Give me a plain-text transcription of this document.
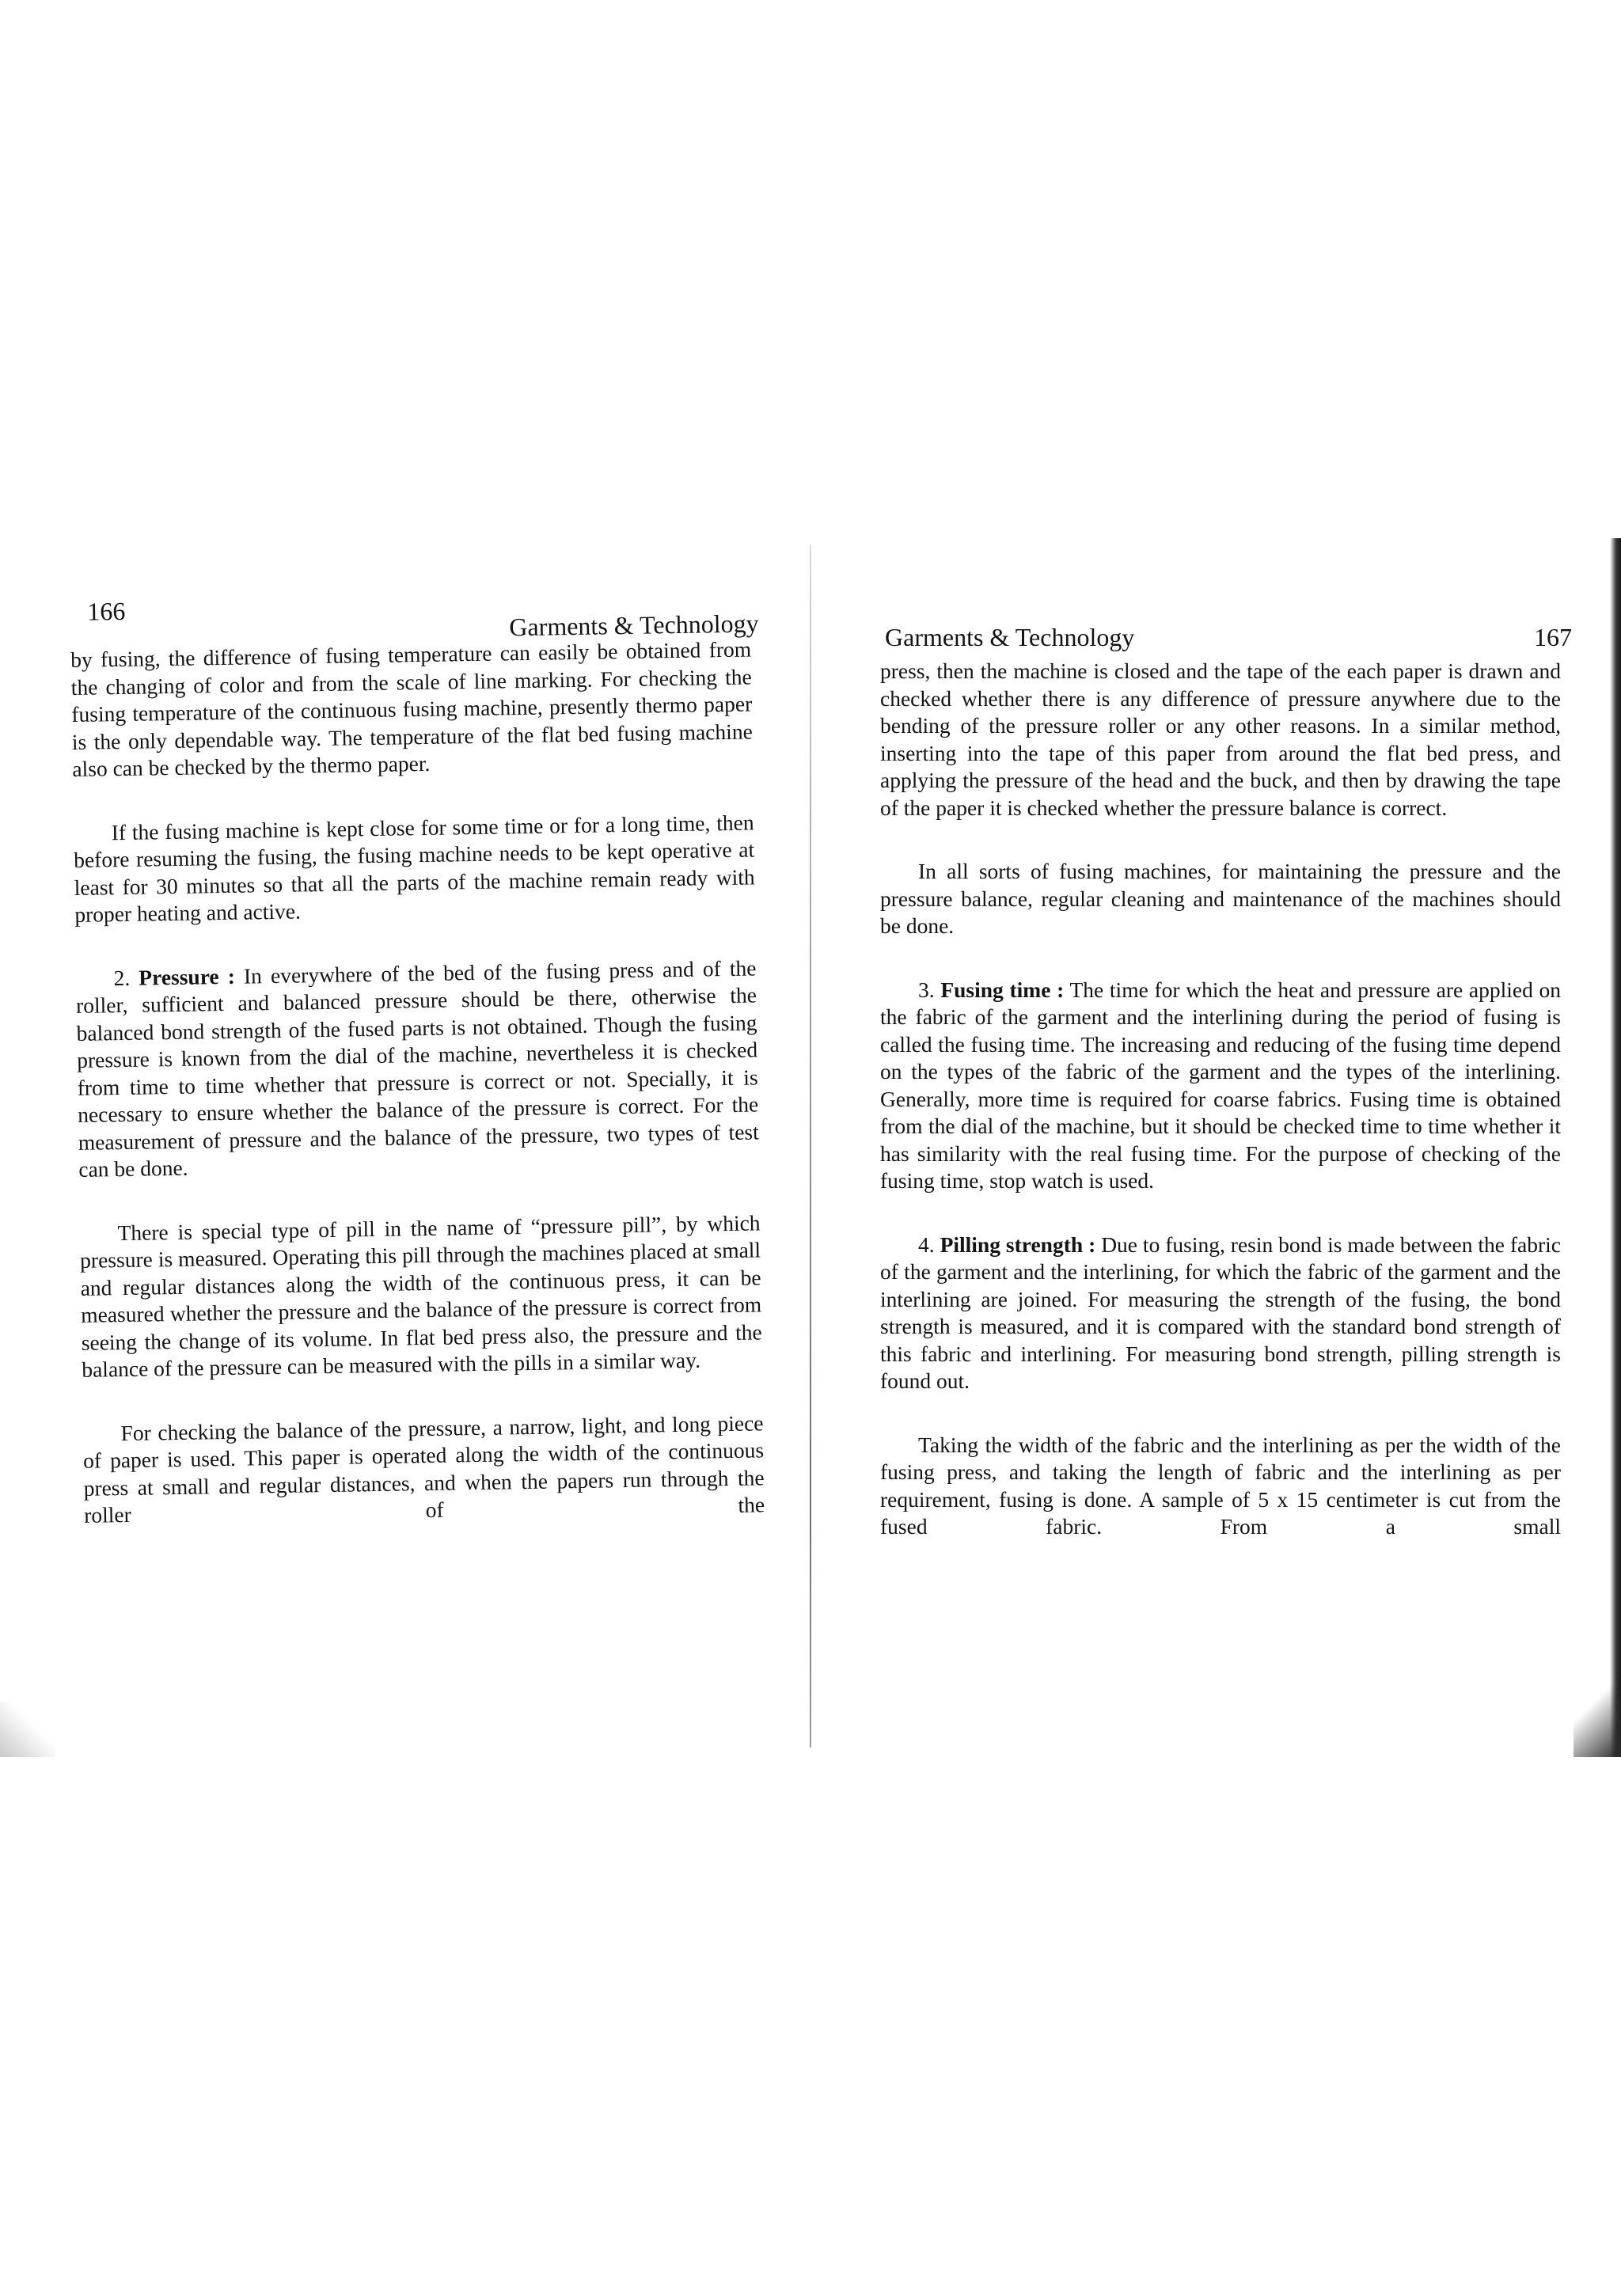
166	Garments & Technology

by fusing, the difference of fusing temperature can easily be obtained from the changing of color and from the scale of line marking. For checking the fusing temperature of the continuous fusing machine, presently thermo paper is the only dependable way. The temperature of the flat bed fusing machine also can be checked by the thermo paper.

If the fusing machine is kept close for some time or for a long time, then before resuming the fusing, the fusing machine needs to be kept operative at least for 30 minutes so that all the parts of the machine remain ready with proper heating and active.

2. Pressure : In everywhere of the bed of the fusing press and of the roller, sufficient and balanced pressure should be there, otherwise the balanced bond strength of the fused parts is not obtained. Though the fusing pressure is known from the dial of the machine, nevertheless it is checked from time to time whether that pressure is correct or not. Specially, it is necessary to ensure whether the balance of the pressure is correct. For the measurement of pressure and the balance of the pressure, two types of test can be done.

There is special type of pill in the name of “pressure pill”, by which pressure is measured. Operating this pill through the machines placed at small and regular distances along the width of the continuous press, it can be measured whether the pressure and the balance of the pressure is correct from seeing the change of its volume. In flat bed press also, the pressure and the balance of the pressure can be measured with the pills in a similar way.

For checking the balance of the pressure, a narrow, light, and long piece of paper is used. This paper is operated along the width of the continuous press at small and regular distances, and when the papers run through the roller of the

Garments & Technology	167

press, then the machine is closed and the tape of the each paper is drawn and checked whether there is any difference of pressure anywhere due to the bending of the pressure roller or any other reasons. In a similar method, inserting into the tape of this paper from around the flat bed press, and applying the pressure of the head and the buck, and then by drawing the tape of the paper it is checked whether the pressure balance is correct.

In all sorts of fusing machines, for maintaining the pressure and the pressure balance, regular cleaning and maintenance of the machines should be done.

3. Fusing time : The time for which the heat and pressure are applied on the fabric of the garment and the interlining during the period of fusing is called the fusing time. The increasing and reducing of the fusing time depend on the types of the fabric of the garment and the types of the interlining. Generally, more time is required for coarse fabrics. Fusing time is obtained from the dial of the machine, but it should be checked time to time whether it has similarity with the real fusing time. For the purpose of checking of the fusing time, stop watch is used.

4. Pilling strength : Due to fusing, resin bond is made between the fabric of the garment and the interlining, for which the fabric of the garment and the interlining are joined. For measuring the strength of the fusing, the bond strength is measured, and it is compared with the standard bond strength of this fabric and interlining. For measuring bond strength, pilling strength is found out.

Taking the width of the fabric and the interlining as per the width of the fusing press, and taking the length of fabric and the interlining as per requirement, fusing is done. A sample of 5 x 15 centimeter is cut from the fused fabric. From a small
